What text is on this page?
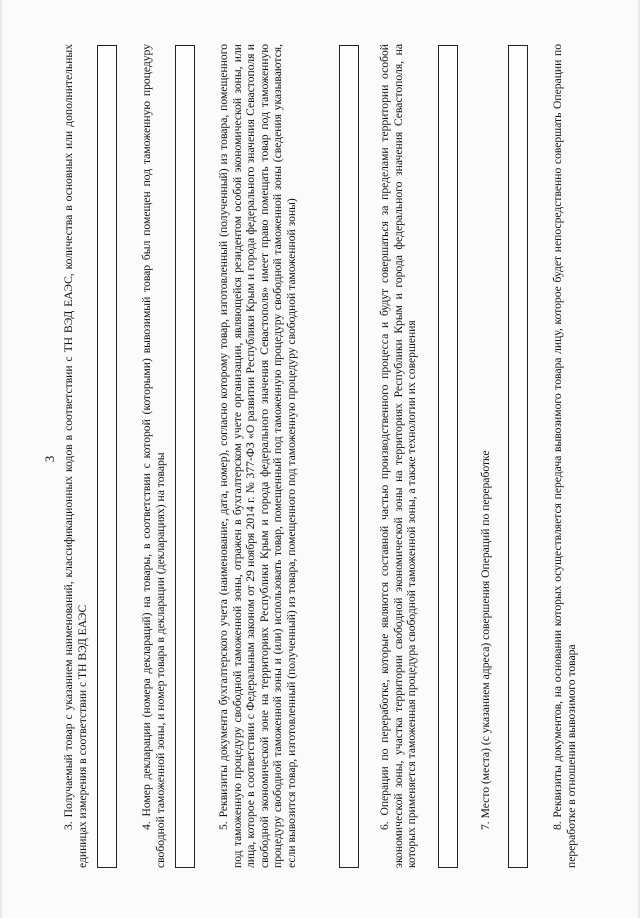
3 3. Получаемый товар с указанием наименований, классификационных кодов в соответствии с ТН ВЭД ЕАЭС, количества в основных или дополнительных единицах измерения в соответствии с ТН ВЭД ЕАЭС	4. Номер декларации (номера деклараций) на товары, в соответствии с которой (которыми) вывозимый товар был помещен под таможенную процедуру свободной таможенной зоны, и номер товара в декларации (декларациях) на товары	5. Реквизиты документа бухгалтерского учета (наименование, дата, номер), согласно которому товар, изготовленный (полученный) из товара, помещенного под таможенную процедуру свободной таможенной зоны, отражен в бухгалтерском учете организации, являющейся резидентом особой экономической зоны, или лица, которое в соответствии с Федеральным законом от 29 ноября 2014 г. № 377-ФЗ «О развитии Республики Крым и города федерального значения Севастополя и свободной экономической зоне на территориях Республики Крым и города федерального значения Севастополя» имеет право помещать товар под таможенную процедуру свободной таможенной зоны и (или) использовать товар, помещенный под таможенную процедуру свободной таможенной зоны (сведения указываются, если вывозится товар, изготовленный (полученный) из товара, помещенного под таможенную процедуру свободной таможенной зоны)	6. Операции по переработке, которые являются составной частью производственного процесса и будут совершаться за пределами территории особой экономической зоны, участка территории свободной экономической зоны на территориях Республики Крым и города федерального значения Севастополя, на которых применяется таможенная процедура свободной таможенной зоны, а также технологии их совершения	7. Место (места) (с указанием адреса) совершения Операций по переработке	8. Реквизиты документов, на основании которых осуществляется передача вывозимого товара лицу, которое будет непосредственно совершать Операции по переработке в отношении вывозимого товара
